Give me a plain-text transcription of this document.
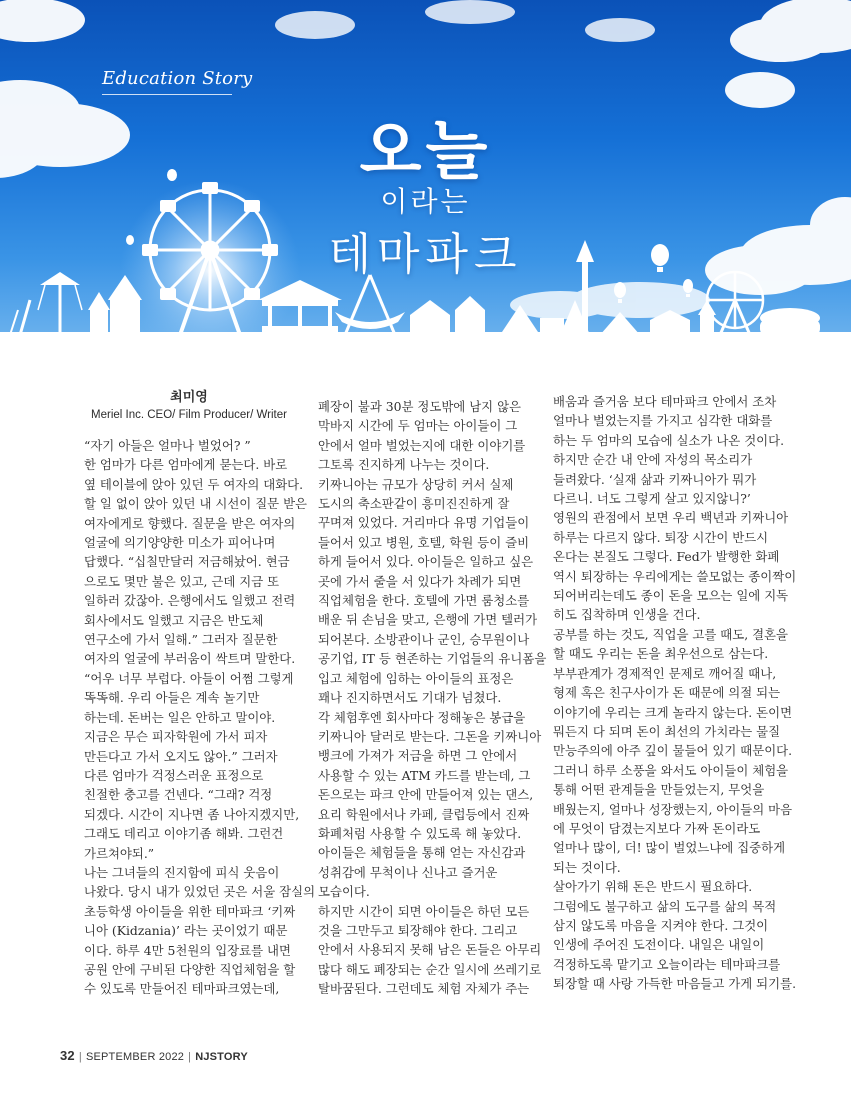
Education Story
오늘
이라는
테마파크
최미영
Meriel Inc. CEO/ Film Producer/ Writer

“자기 아들은 얼마나 벌었어? ”

한 엄마가 다른 엄마에게 묻는다. 바로

옆 테이블에 앉아 있던 두 여자의 대화다.

할 일 없이 앉아 있던 내 시선이 질문 받은

여자에게로 향했다. 질문을 받은 여자의

얼굴에 의기양양한 미소가 피어나며

답했다. “십칠만달러 저금해놨어. 현금

으로도 몇만 불은 있고, 근데 지금 또

일하러 갔잖아. 은행에서도 일했고 전력

회사에서도 일했고 지금은 반도체

연구소에 가서 일해.” 그러자 질문한

여자의 얼굴에 부러움이 싹트며 말한다.

“어우 너무 부럽다. 아들이 어쩜 그렇게

똑똑해. 우리 아들은 계속 놀기만

하는데. 돈버는 일은 안하고 말이야.

지금은 무슨 피자학원에 가서 피자

만든다고 가서 오지도 않아.” 그러자

다른 엄마가 걱정스러운 표정으로

친절한 충고를 건넨다. “그래? 걱정

되겠다. 시간이 지나면 좀 나아지겠지만,

그래도 데리고 이야기좀 해봐. 그런건

가르쳐야되.”

나는 그녀들의 진지함에 피식 웃음이

나왔다. 당시 내가 있었던 곳은 서울 잠실의

초등학생 아이들을 위한 테마파크 ‘키짜

니아 (Kidzania)’ 라는 곳이었기 때문

이다. 하루 4만 5천원의 입장료를 내면

공원 안에 구비된 다양한 직업체험을 할

수 있도록 만들어진 테마파크였는데,

폐장이 불과 30분 정도밖에 남지 않은

막바지 시간에 두 엄마는 아이들이 그

안에서 얼마 벌었는지에 대한 이야기를

그토록 진지하게 나누는 것이다.

키짜니아는 규모가 상당히 커서 실제

도시의 축소판같이 흥미진진하게 잘

꾸며져 있었다. 거리마다 유명 기업들이

들어서 있고 병원, 호텔, 학원 등이 즐비

하게 들어서 있다. 아이들은 일하고 싶은

곳에 가서 줄을 서 있다가 차례가 되면

직업체험을 한다. 호텔에 가면 룸청소를

배운 뒤 손님을 맞고, 은행에 가면 텔러가

되어본다. 소방관이나 군인, 승무원이나

공기업, IT 등 현존하는 기업들의 유니폼을

입고 체험에 임하는 아이들의 표정은

꽤나 진지하면서도 기대가 넘쳤다.

각 체험후엔 회사마다 정해놓은 봉급을

키짜니아 달러로 받는다. 그돈을 키짜니아

뱅크에 가져가 저금을 하면 그 안에서

사용할 수 있는 ATM 카드를 받는데, 그

돈으로는 파크 안에 만들어져 있는 댄스,

요리 학원에서나 카페, 클럽등에서 진짜

화폐처럼 사용할 수 있도록 해 놓았다.

아이들은 체험들을 통해 얻는 자신감과

성취감에 무척이나 신나고 즐거운

모습이다.

하지만 시간이 되면 아이들은 하던 모든

것을 그만두고 퇴장해야 한다. 그리고

안에서 사용되지 못해 남은 돈들은 아무리

많다 해도 폐장되는 순간 일시에 쓰레기로

탈바꿈된다. 그런데도 체험 자체가 주는

배움과 즐거움 보다 테마파크 안에서 조차

얼마나 벌었는지를 가지고 심각한 대화를

하는 두 엄마의 모습에 실소가 나온 것이다.

하지만 순간 내 안에 자성의 목소리가

들려왔다. ‘실재 삶과 키짜니아가 뭐가

다르니. 너도 그렇게 살고 있지않니?’

영원의 관점에서 보면 우리 백년과 키짜니아

하루는 다르지 않다. 퇴장 시간이 반드시

온다는 본질도 그렇다. Fed가 발행한 화폐

역시 퇴장하는 우리에게는 쓸모없는 종이짝이

되어버리는데도 종이 돈을 모으는 일에 지독

히도 집착하며 인생을 건다.

공부를 하는 것도, 직업을 고를 때도, 결혼을

할 때도 우리는 돈을 최우선으로 삼는다.

부부관계가 경제적인 문제로 깨어질 때나,

형제 혹은 친구사이가 돈 때문에 의절 되는

이야기에 우리는 크게 놀라지 않는다. 돈이면

뭐든지 다 되며 돈이 최선의 가치라는 물질

만능주의에 아주 깊이 물들어 있기 때문이다.

그러니 하루 소풍을 와서도 아이들이 체험을

통해 어떤 관계들을 만들었는지, 무엇을

배웠는지, 얼마나 성장했는지, 아이들의 마음

에 무엇이 담겼는지보다 가짜 돈이라도

얼마나 많이, 더! 많이 벌었느냐에 집중하게

되는 것이다.

살아가기 위해 돈은 반드시 필요하다.

그럼에도 불구하고 삶의 도구를 삶의 목적

삼지 않도록 마음을 지켜야 한다. 그것이

인생에 주어진 도전이다. 내일은 내일이

걱정하도록 맡기고 오늘이라는 테마파크를

퇴장할 때 사랑 가득한 마음들고 가게 되기를.

32 | SEPTEMBER 2022 | NJSTORY
